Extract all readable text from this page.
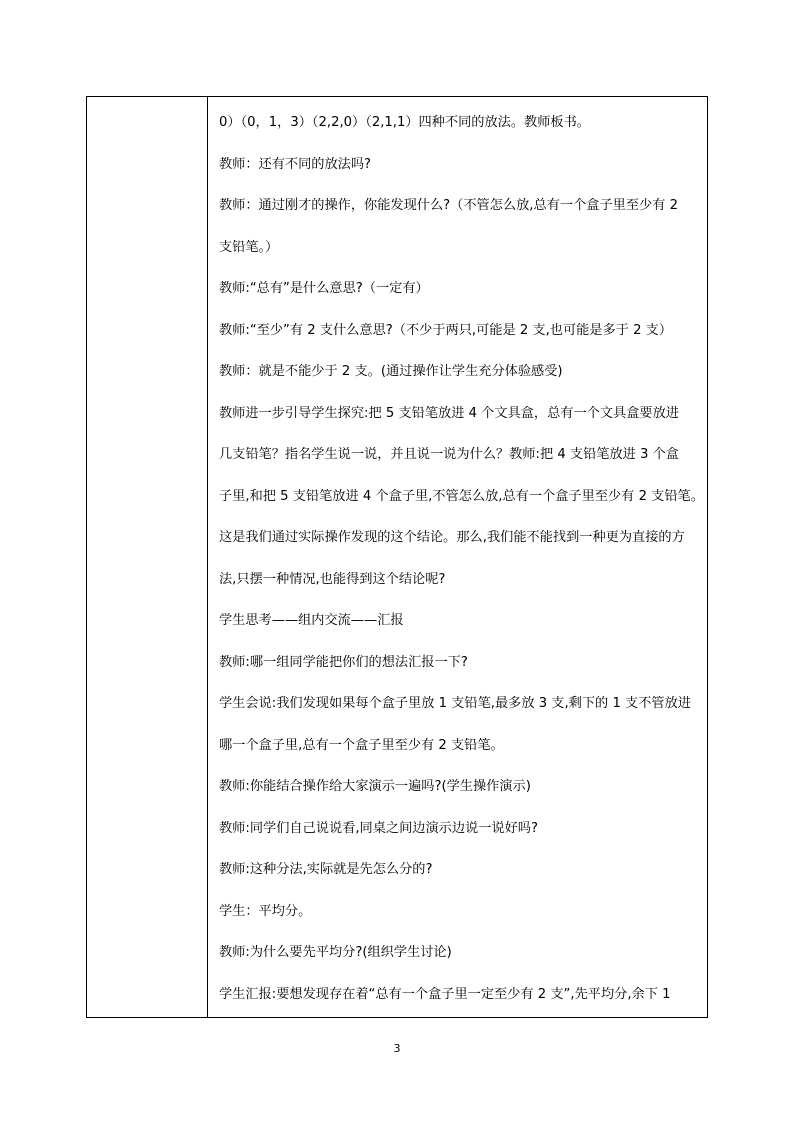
0）（0，1，3）（2,2,0）（2,1,1）四种不同的放法。教师板书。
教师：还有不同的放法吗?
教师：通过刚才的操作，你能发现什么?（不管怎么放,总有一个盒子里至少有 2
支铅笔。）
教师:“总有”是什么意思?（一定有）
教师:“至少”有 2 支什么意思?（不少于两只,可能是 2 支,也可能是多于 2 支）
教师：就是不能少于 2 支。(通过操作让学生充分体验感受)
教师进一步引导学生探究:把 5 支铅笔放进 4 个文具盒，总有一个文具盒要放进
几支铅笔？指名学生说一说，并且说一说为什么？教师:把 4 支铅笔放进 3 个盒
子里,和把 5 支铅笔放进 4 个盒子里,不管怎么放,总有一个盒子里至少有 2 支铅笔。
这是我们通过实际操作发现的这个结论。那么,我们能不能找到一种更为直接的方
法,只摆一种情况,也能得到这个结论呢?
学生思考——组内交流——汇报
教师:哪一组同学能把你们的想法汇报一下?
学生会说:我们发现如果每个盒子里放 1 支铅笔,最多放 3 支,剩下的 1 支不管放进
哪一个盒子里,总有一个盒子里至少有 2 支铅笔。
教师:你能结合操作给大家演示一遍吗?(学生操作演示)
教师:同学们自己说说看,同桌之间边演示边说一说好吗?
教师:这种分法,实际就是先怎么分的?
学生：平均分。
教师:为什么要先平均分?(组织学生讨论)
学生汇报:要想发现存在着“总有一个盒子里一定至少有 2 支”,先平均分,余下 1
3
